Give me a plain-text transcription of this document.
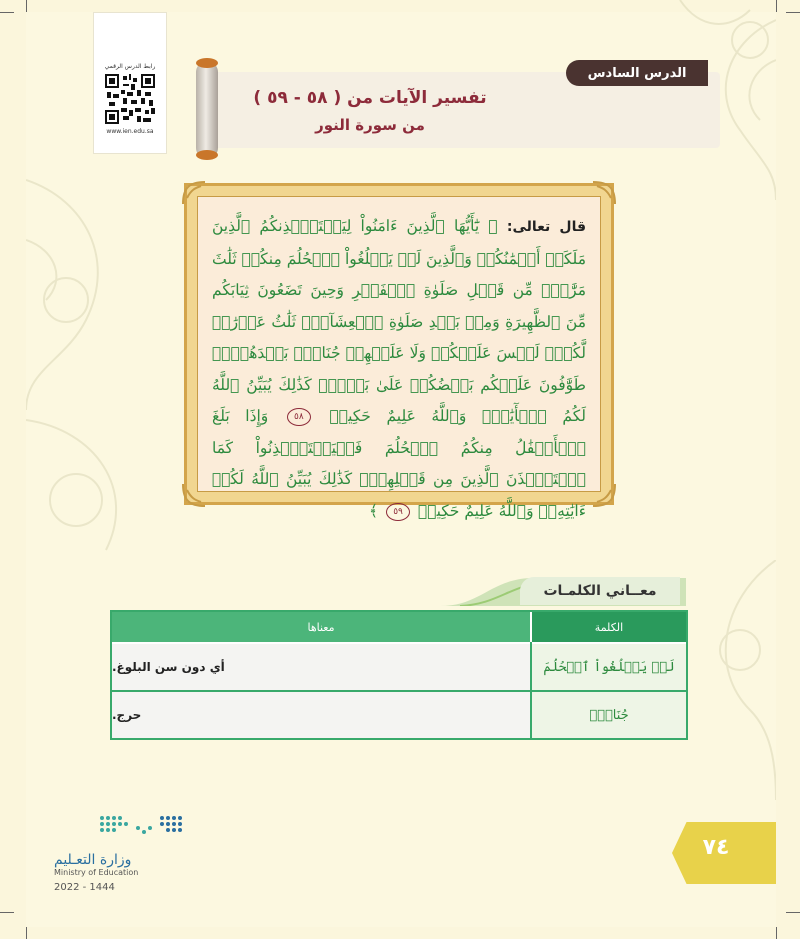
رابط الدرس الرقمي
www.ien.edu.sa
الدرس السادس
تفسير الآيات من ( ٥٨ - ٥٩ )
من سورة النور
قال تعالى: ﴿ يَٰٓأَيُّهَا ٱلَّذِينَ ءَامَنُواْ لِيَسۡتَـٔۡذِنكُمُ ٱلَّذِينَ مَلَكَتۡ أَيۡمَٰنُكُمۡ وَٱلَّذِينَ لَمۡ يَبۡلُغُواْ ٱلۡحُلُمَ مِنكُمۡ ثَلَٰثَ مَرَّٰتٖۚ مِّن قَبۡلِ صَلَوٰةِ ٱلۡفَجۡرِ وَحِينَ تَضَعُونَ ثِيَابَكُم مِّنَ ٱلظَّهِيرَةِ وَمِنۢ بَعۡدِ صَلَوٰةِ ٱلۡعِشَآءِۚ ثَلَٰثُ عَوۡرَٰتٖ لَّكُمۡۚ لَيۡسَ عَلَيۡكُمۡ وَلَا عَلَيۡهِمۡ جُنَاحُۢ بَعۡدَهُنَّۚ طَوَّٰفُونَ عَلَيۡكُم بَعۡضُكُمۡ عَلَىٰ بَعۡضٖۚ كَذَٰلِكَ يُبَيِّنُ ٱللَّهُ لَكُمُ ٱلۡأٓيَٰتِۗ وَٱللَّهُ عَلِيمٌ حَكِيمٞ ٥٨ وَإِذَا بَلَغَ ٱلۡأَطۡفَٰلُ مِنكُمُ ٱلۡحُلُمَ فَلۡيَسۡتَـٔۡذِنُواْ كَمَا ٱسۡتَـٔۡذَنَ ٱلَّذِينَ مِن قَبۡلِهِمۡۚ كَذَٰلِكَ يُبَيِّنُ ٱللَّهُ لَكُمۡ ءَايَٰتِهِۦۗ وَٱللَّهُ عَلِيمٌ حَكِيمٞ ٥٩ ﴾
معــاني الكلمـات
معناها	الكلمة
أي دون سن البلوغ.	لَمۡ يَبۡلُغُواْ ٱلۡحُلُمَ
حرج.	جُنَاحُۢ
٧٤
وزارة التعـليم
Ministry of Education
2022 - 1444
